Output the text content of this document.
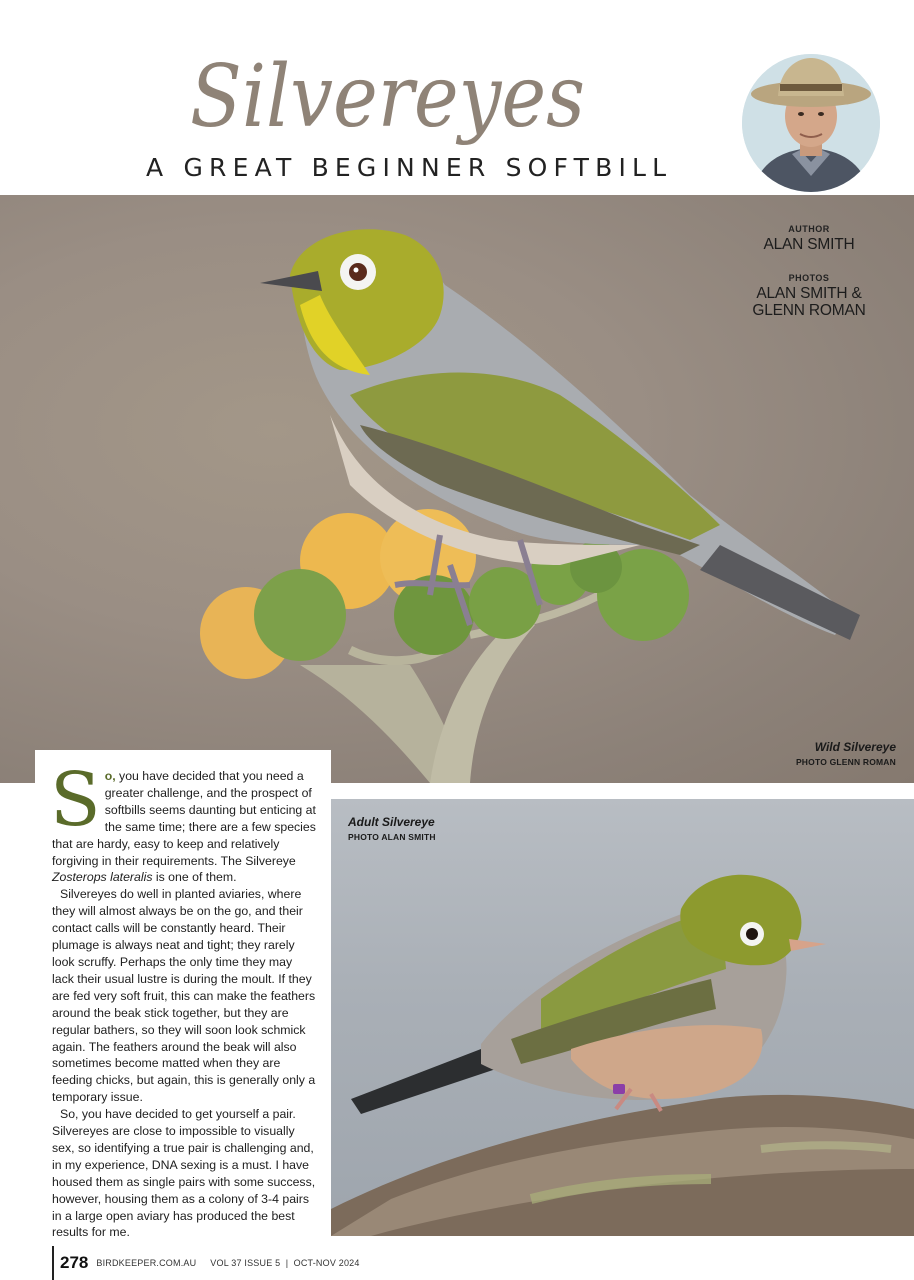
Silvereyes
A GREAT BEGINNER SOFTBILL

AUTHOR

ALAN SMITH

PHOTOS

ALAN SMITH &

GLENN ROMAN

Wild Silvereye
PHOTO GLENN ROMAN
Adult Silvereye
PHOTO ALAN SMITH

So, you have decided that you need a greater challenge, and the prospect of softbills seems daunting but enticing at the same time; there are a few species that are hardy, easy to keep and relatively forgiving in their requirements. The Silvereye Zosterops lateralis is one of them.

Silvereyes do well in planted aviaries, where they will almost always be on the go, and their contact calls will be constantly heard. Their plumage is always neat and tight; they rarely look scruffy. Perhaps the only time they may lack their usual lustre is during the moult. If they are fed very soft fruit, this can make the feathers around the beak stick together, but they are regular bathers, so they will soon look schmick again. The feathers around the beak will also sometimes become matted when they are feeding chicks, but again, this is generally only a temporary issue.

So, you have decided to get yourself a pair. Silvereyes are close to impossible to visually sex, so identifying a true pair is challenging and, in my experience, DNA sexing is a must. I have housed them as single pairs with some success, however, housing them as a colony of 3-4 pairs in a large open aviary has produced the best results for me.

278 BIRDKEEPER.COM.AU VOL 37 ISSUE 5  |  OCT-NOV 2024
